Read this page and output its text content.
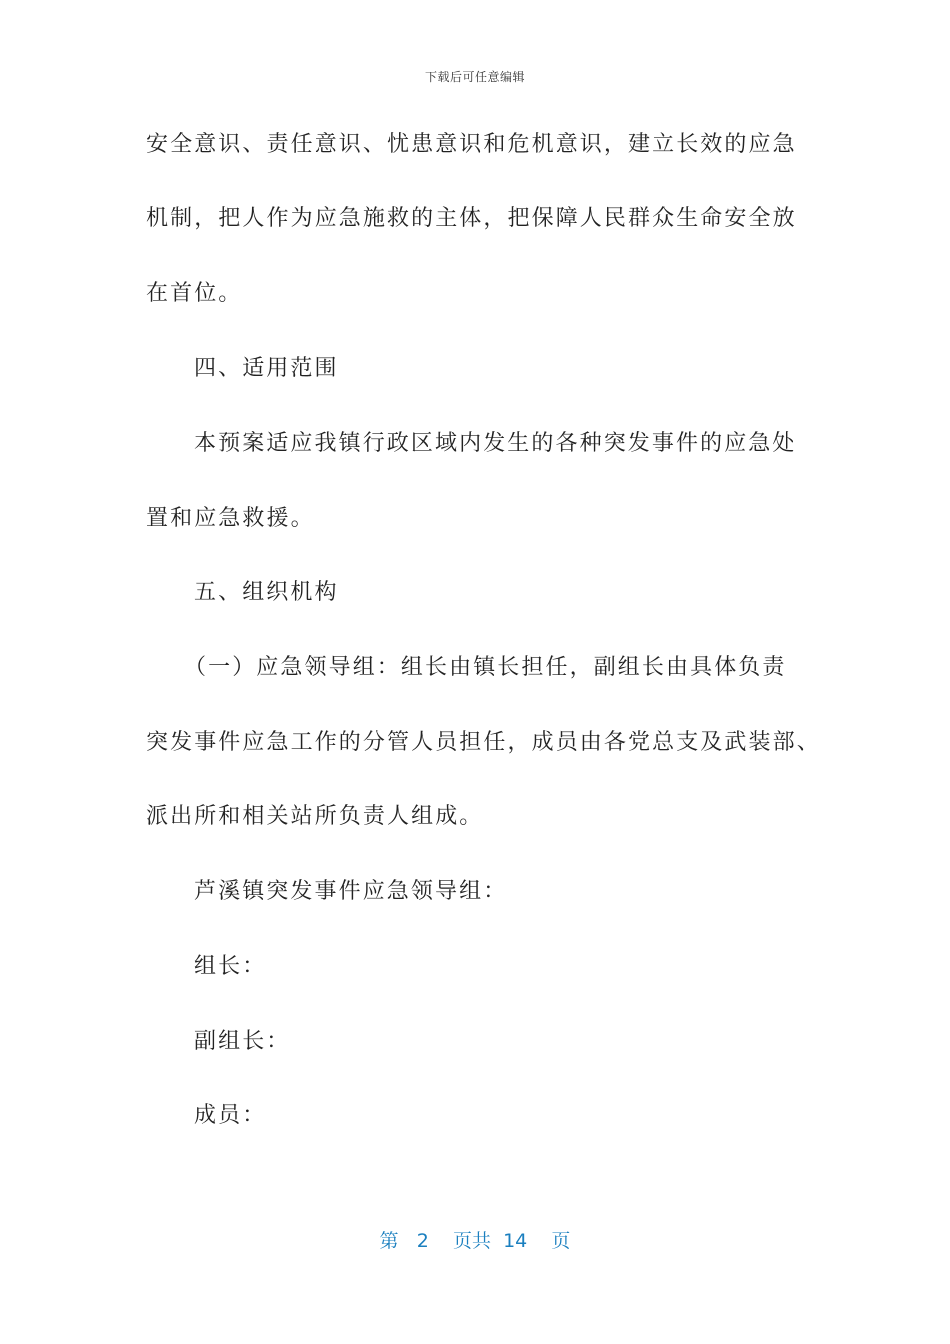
下载后可任意编辑
安全意识、责任意识、忧患意识和危机意识，建立长效的应急
机制，把人作为应急施救的主体，把保障人民群众生命安全放
在首位。
四、适用范围
本预案适应我镇行政区域内发生的各种突发事件的应急处
置和应急救援。
五、组织机构
（一）应急领导组：组长由镇长担任，副组长由具体负责
突发事件应急工作的分管人员担任，成员由各党总支及武装部、
派出所和相关站所负责人组成。
芦溪镇突发事件应急领导组：
组长：
副组长：
成员：
第 2 页共 14 页
